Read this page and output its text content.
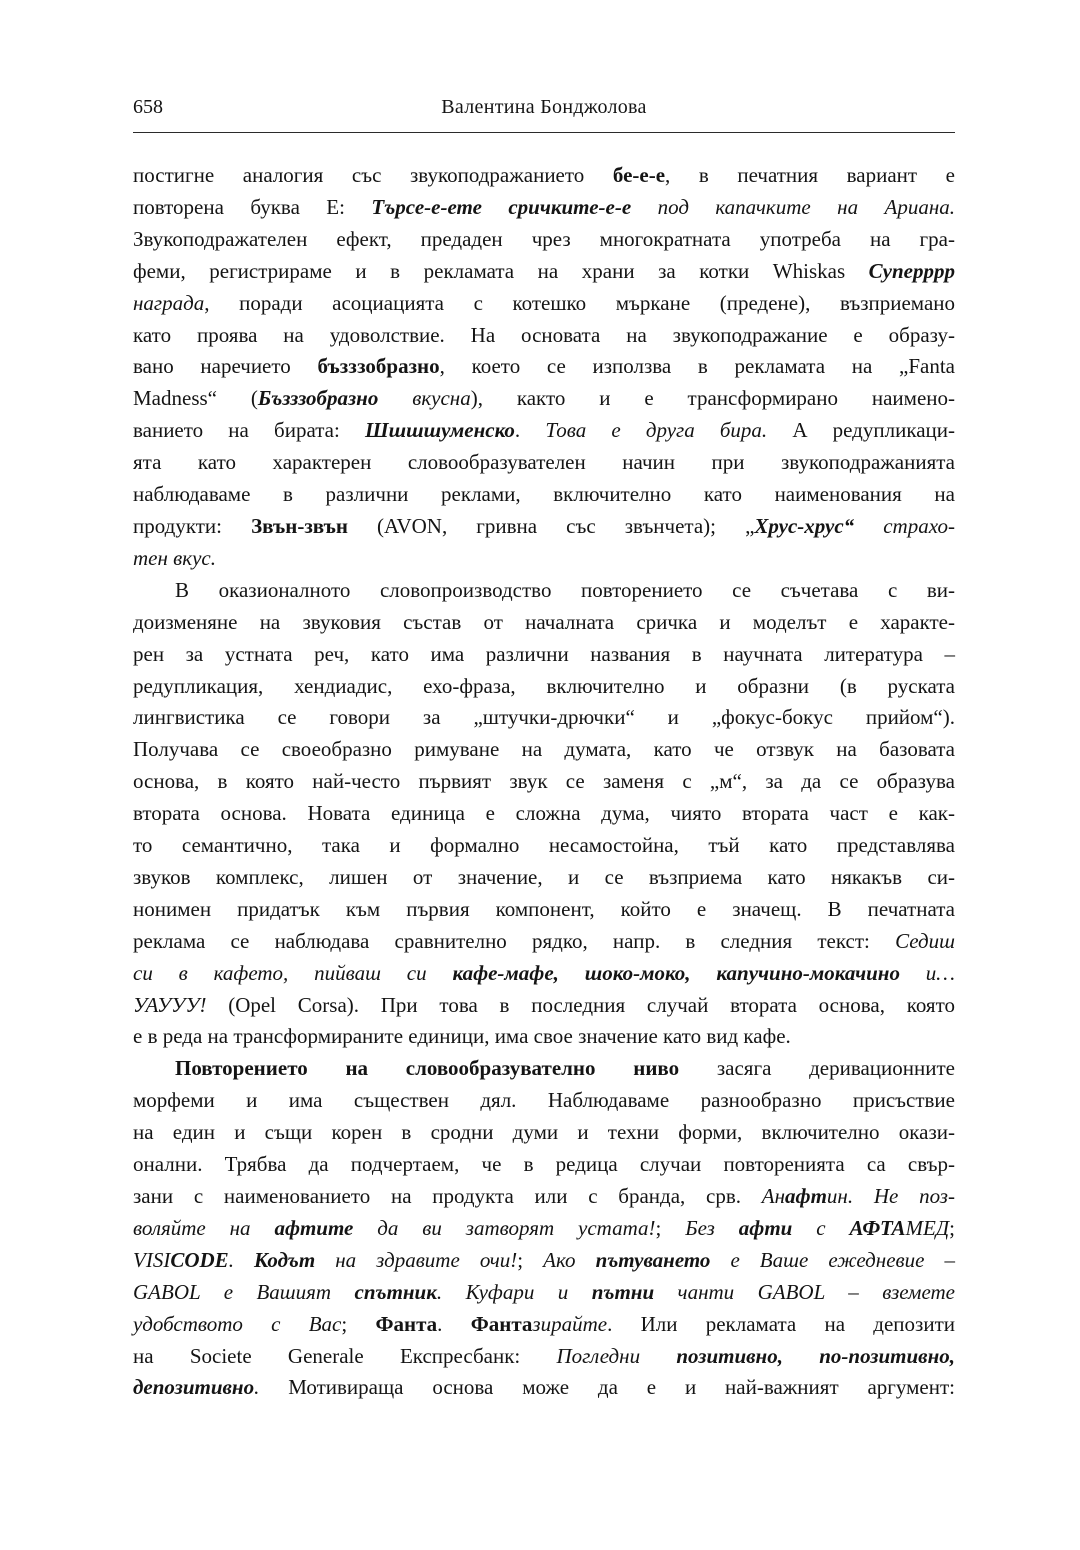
658	Валентина Бонджолова
постигне аналогия със звукоподражанието бе-е-е, в печатния вариант е
повторена буква Е: Търсе-е-ете сричките-е-е под капачките на Ариана.
Звукоподражателен ефект, предаден чрез многократната употреба на гра-
феми, регистрираме и в рекламата на храни за котки Whiskas Суперррр
награда, поради асоциацията с котешко мъркане (предене), възприемано
като проява на удоволствие. На основата на звукоподражание е образу-
вано наречието бъзззобразно, което се използва в рекламата на „Fanta
Madness“ (Бъзззобразно вкусна), както и е трансформирано наимено-
ванието на бирата: Шшшшуменско. Това е друга бира. А редупликаци-
ята като характерен словообразувателен начин при звукоподражанията
наблюдаваме в различни реклами, включително като наименования на
продукти: Звън-звън (AVON, гривна със звънчета); „Хрус-хрус“ страхо-
тен вкус.
В оказионалното словопроизводство повторението се съчетава с ви-
доизменяне на звуковия състав от началната сричка и моделът е характе-
рен за устната реч, като има различни названия в научната литература –
редупликация, хендиадис, ехо-фраза, включително и образни (в руската
лингвистика се говори за „штучки-дрючки“ и „фокус-бокус прийом“).
Получава се своеобразно римуване на думата, като че отзвук на базовата
основа, в която най-често първият звук се заменя с „м“, за да се образува
втората основа. Новата единица е сложна дума, чиято втората част е как-
то семантично, така и формално несамостойна, тъй като представлява
звуков комплекс, лишен от значение, и се възприема като някакъв си-
нонимен придатък към първия компонент, който е значещ. В печатната
реклама се наблюдава сравнително рядко, напр. в следния текст: Седиш
си в кафето, пийваш си кафе-мафе, шоко-моко, капучино-мокачино и…
УАУУУ! (Opel Corsa). При това в последния случай втората основа, която
е в реда на трансформираните единици, има свое значение като вид кафе.
Повторението на словообразувателно ниво засяга деривационните
морфеми и има съществен дял. Наблюдаваме разнообразно присъствие
на един и същи корен в сродни думи и техни форми, включително окази-
онални. Трябва да подчертаем, че в редица случаи повторенията са свър-
зани с наименованието на продукта или с бранда, срв. Анафтин. Не поз-
воляйте на афтите да ви затворят устата!; Без афти с АФТАМЕД;
VISICODE. Кодът на здравите очи!; Ако пътуването е Ваше ежедневие –
GABOL е Вашият спътник. Куфари и пътни чанти GABOL – вземете
удобството с Вас; Фанта. Фантазирайте. Или рекламата на депозити
на Societe Generale Експресбанк: Погледни позитивно, по-позитивно,
депозитивно. Мотивираща основа може да е и най-важният аргумент:
